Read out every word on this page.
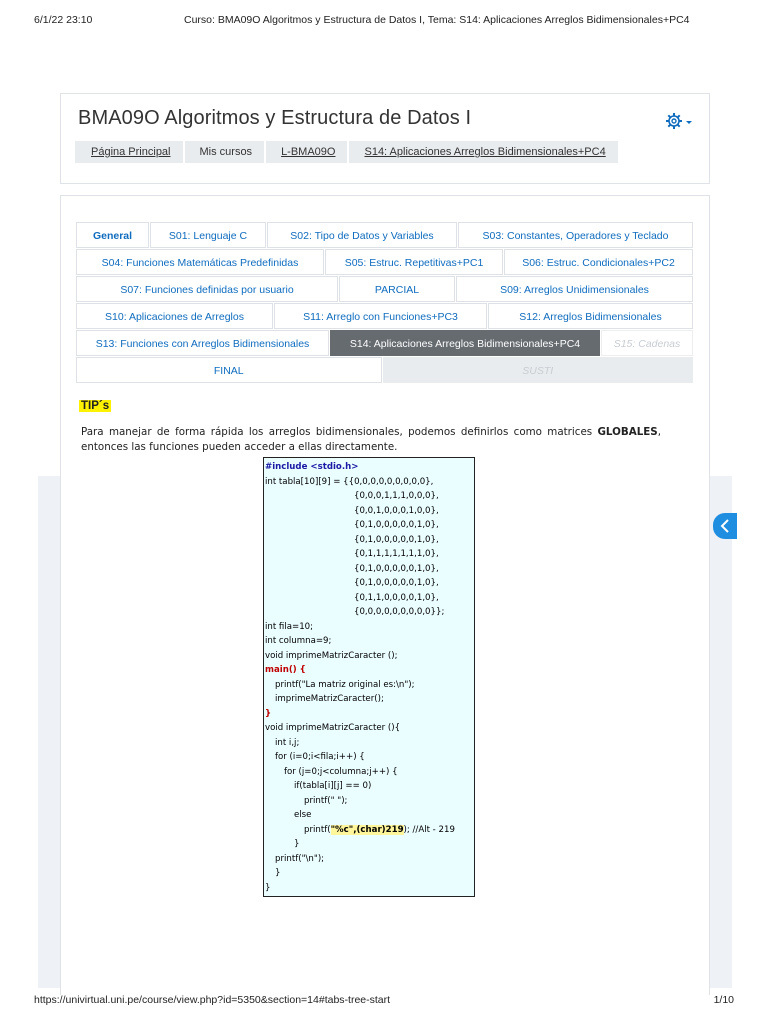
6/1/22 23:10	Curso: BMA09O Algoritmos y Estructura de Datos I, Tema: S14: Aplicaciones Arreglos Bidimensionales+PC4
BMA09O Algoritmos y Estructura de Datos I
Página Principal	Mis cursos	L-BMA09O	S14: Aplicaciones Arreglos Bidimensionales+PC4
General	S01: Lenguaje C	S02: Tipo de Datos y Variables	S03: Constantes, Operadores y Teclado
S04: Funciones Matemáticas Predefinidas	S05: Estruc. Repetitivas+PC1	S06: Estruc. Condicionales+PC2
S07: Funciones definidas por usuario	PARCIAL	S09: Arreglos Unidimensionales
S10: Aplicaciones de Arreglos	S11: Arreglo con Funciones+PC3	S12: Arreglos Bidimensionales
S13: Funciones con Arreglos Bidimensionales	S14: Aplicaciones Arreglos Bidimensionales+PC4	S15: Cadenas
FINAL	SUSTI
TIP´s
Para manejar de forma rápida los arreglos bidimensionales, podemos definirlos como matrices GLOBALES, entonces las funciones pueden acceder a ellas directamente.
#include <stdio.h>
int tabla[10][9] = {{0,0,0,0,0,0,0,0,0},
{0,0,0,1,1,1,0,0,0},
{0,0,1,0,0,0,1,0,0},
{0,1,0,0,0,0,0,1,0},
{0,1,0,0,0,0,0,1,0},
{0,1,1,1,1,1,1,1,0},
{0,1,0,0,0,0,0,1,0},
{0,1,0,0,0,0,0,1,0},
{0,1,1,0,0,0,0,1,0},
{0,0,0,0,0,0,0,0,0}};
int fila=10;
int columna=9;
void imprimeMatrizCaracter ();
main() {
printf("La matriz original es:\n");
imprimeMatrizCaracter();
}
void imprimeMatrizCaracter (){
int i,j;
for (i=0;i<fila;i++) {
for (j=0;j<columna;j++) {
if(tabla[i][j] == 0)
printf(" ");
else
printf("%c",(char)219); //Alt - 219
}
printf("\n");
}
}
https://univirtual.uni.pe/course/view.php?id=5350&section=14#tabs-tree-start	1/10
